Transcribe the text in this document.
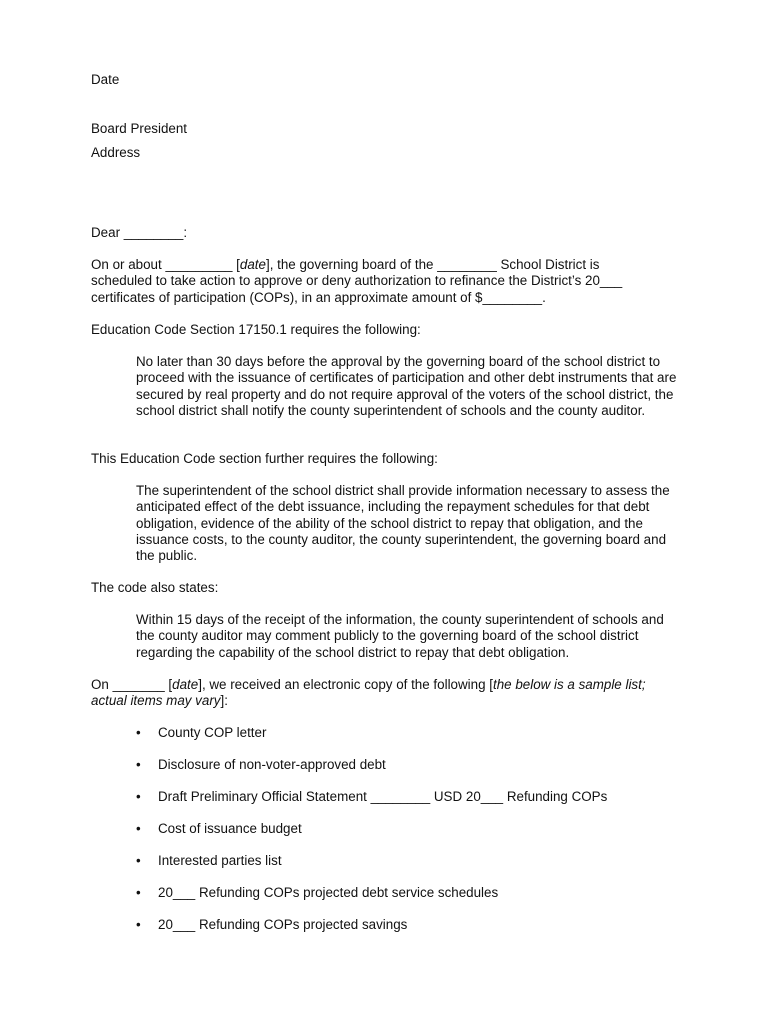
Date

Board President

Address

Dear ________:

On or about _________ [date], the governing board of the ________ School District is scheduled to take action to approve or deny authorization to refinance the District’s 20___ certificates of participation (COPs), in an approximate amount of $________.

Education Code Section 17150.1 requires the following:

No later than 30 days before the approval by the governing board of the school district to proceed with the issuance of certificates of participation and other debt instruments that are secured by real property and do not require approval of the voters of the school district, the school district shall notify the county superintendent of schools and the county auditor.

This Education Code section further requires the following:

The superintendent of the school district shall provide information necessary to assess the anticipated effect of the debt issuance, including the repayment schedules for that debt obligation, evidence of the ability of the school district to repay that obligation, and the issuance costs, to the county auditor, the county superintendent, the governing board and the public.

The code also states:

Within 15 days of the receipt of the information, the county superintendent of schools and the county auditor may comment publicly to the governing board of the school district regarding the capability of the school district to repay that debt obligation.

On _______ [date], we received an electronic copy of the following [the below is a sample list; actual items may vary]:

• County COP letter
• Disclosure of non-voter-approved debt
• Draft Preliminary Official Statement ________ USD 20___ Refunding COPs
• Cost of issuance budget
• Interested parties list
• 20___ Refunding COPs projected debt service schedules
• 20___ Refunding COPs projected savings
